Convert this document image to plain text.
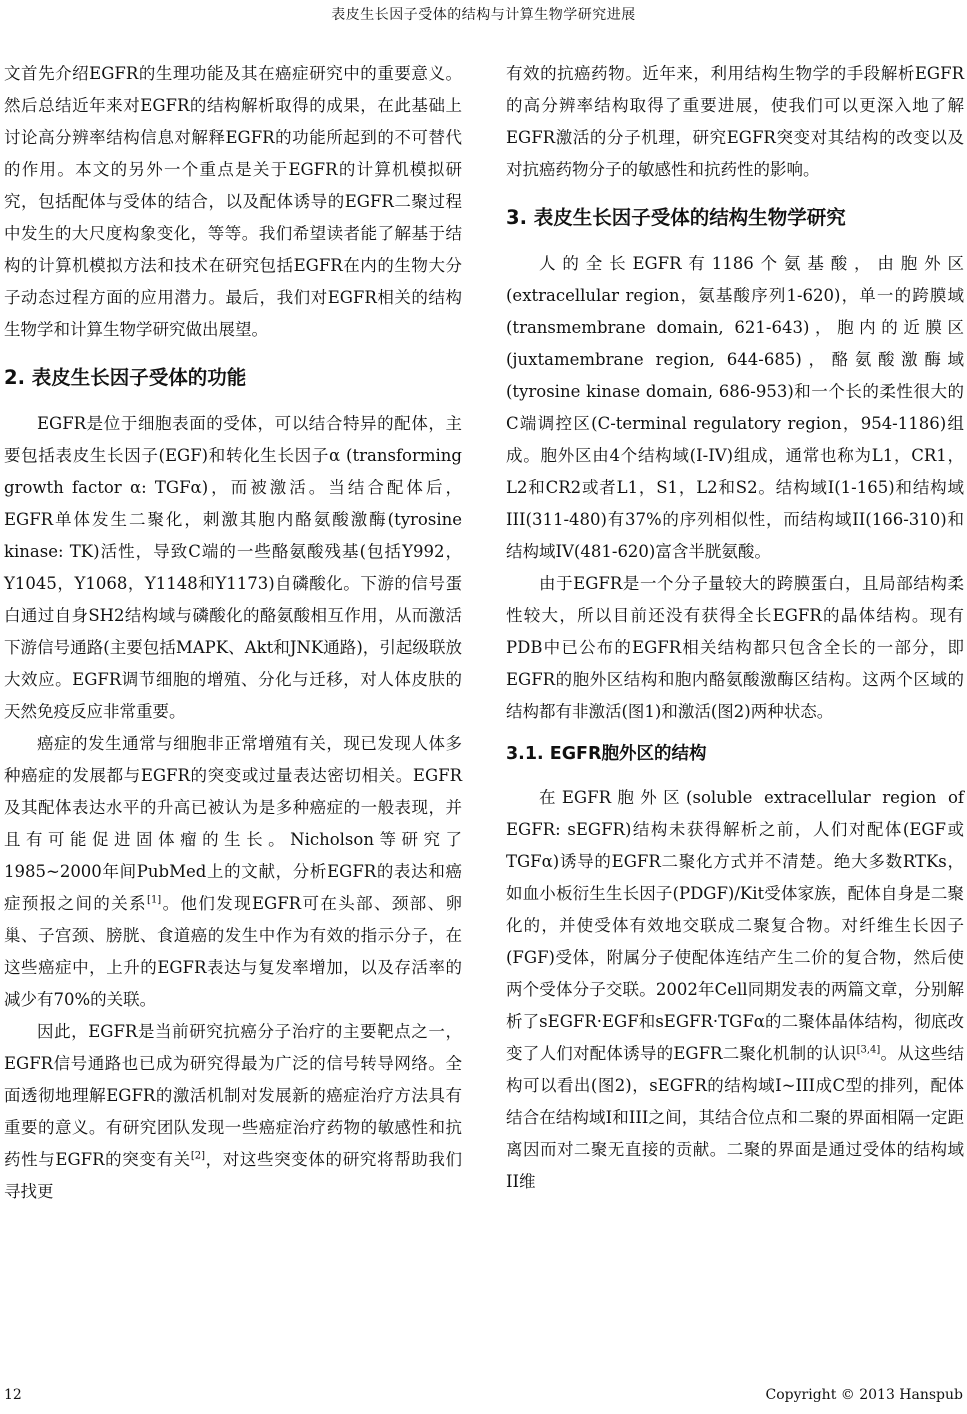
表皮生长因子受体的结构与计算生物学研究进展

文首先介绍EGFR的生理功能及其在癌症研究中的重要意义。然后总结近年来对EGFR的结构解析取得的成果，在此基础上讨论高分辨率结构信息对解释EGFR的功能所起到的不可替代的作用。本文的另外一个重点是关于EGFR的计算机模拟研究，包括配体与受体的结合，以及配体诱导的EGFR二聚过程中发生的大尺度构象变化，等等。我们希望读者能了解基于结构的计算机模拟方法和技术在研究包括EGFR在内的生物大分子动态过程方面的应用潜力。最后，我们对EGFR相关的结构生物学和计算生物学研究做出展望。

2. 表皮生长因子受体的功能

EGFR是位于细胞表面的受体，可以结合特异的配体，主要包括表皮生长因子(EGF)和转化生长因子α (transforming growth factor α: TGFα)，而被激活。当结合配体后，EGFR单体发生二聚化，刺激其胞内酪氨酸激酶(tyrosine kinase: TK)活性，导致C端的一些酪氨酸残基(包括Y992，Y1045，Y1068，Y1148和Y1173)自磷酸化。下游的信号蛋白通过自身SH2结构域与磷酸化的酪氨酸相互作用，从而激活下游信号通路(主要包括MAPK、Akt和JNK通路)，引起级联放大效应。EGFR调节细胞的增殖、分化与迁移，对人体皮肤的天然免疫反应非常重要。

癌症的发生通常与细胞非正常增殖有关，现已发现人体多种癌症的发展都与EGFR的突变或过量表达密切相关。EGFR及其配体表达水平的升高已被认为是多种癌症的一般表现，并且有可能促进固体瘤的生长。Nicholson等研究了1985~2000年间PubMed上的文献，分析EGFR的表达和癌症预报之间的关系[1]。他们发现EGFR可在头部、颈部、卵巢、子宫颈、膀胱、食道癌的发生中作为有效的指示分子，在这些癌症中，上升的EGFR表达与复发率增加，以及存活率的减少有70%的关联。

因此，EGFR是当前研究抗癌分子治疗的主要靶点之一，EGFR信号通路也已成为研究得最为广泛的信号转导网络。全面透彻地理解EGFR的激活机制对发展新的癌症治疗方法具有重要的意义。有研究团队发现一些癌症治疗药物的敏感性和抗药性与EGFR的突变有关[2]，对这些突变体的研究将帮助我们寻找更

有效的抗癌药物。近年来，利用结构生物学的手段解析EGFR的高分辨率结构取得了重要进展，使我们可以更深入地了解EGFR激活的分子机理，研究EGFR突变对其结构的改变以及对抗癌药物分子的敏感性和抗药性的影响。

3. 表皮生长因子受体的结构生物学研究

人的全长EGFR有1186个氨基酸，由胞外区(extracellular region，氨基酸序列1-620)，单一的跨膜域(transmembrane domain, 621-643)，胞内的近膜区(juxtamembrane region, 644-685)，酪氨酸激酶域(tyrosine kinase domain, 686-953)和一个长的柔性很大的C端调控区(C-terminal regulatory region，954-1186)组成。胞外区由4个结构域(I-IV)组成，通常也称为L1，CR1，L2和CR2或者L1，S1，L2和S2。结构域I(1-165)和结构域III(311-480)有37%的序列相似性，而结构域II(166-310)和结构域IV(481-620)富含半胱氨酸。

由于EGFR是一个分子量较大的跨膜蛋白，且局部结构柔性较大，所以目前还没有获得全长EGFR的晶体结构。现有PDB中已公布的EGFR相关结构都只包含全长的一部分，即EGFR的胞外区结构和胞内酪氨酸激酶区结构。这两个区域的结构都有非激活(图1)和激活(图2)两种状态。

3.1. EGFR胞外区的结构

在EGFR胞外区(soluble extracellular region of EGFR: sEGFR)结构未获得解析之前，人们对配体(EGF或TGFα)诱导的EGFR二聚化方式并不清楚。绝大多数RTKs，如血小板衍生生长因子(PDGF)/Kit受体家族，配体自身是二聚化的，并使受体有效地交联成二聚复合物。对纤维生长因子(FGF)受体，附属分子使配体连结产生二价的复合物，然后使两个受体分子交联。2002年Cell同期发表的两篇文章，分别解析了sEGFR·EGF和sEGFR·TGFα的二聚体晶体结构，彻底改变了人们对配体诱导的EGFR二聚化机制的认识[3,4]。从这些结构可以看出(图2)，sEGFR的结构域I~III成C型的排列，配体结合在结构域I和III之间，其结合位点和二聚的界面相隔一定距离因而对二聚无直接的贡献。二聚的界面是通过受体的结构域II维

12	Copyright © 2013 Hanspub
